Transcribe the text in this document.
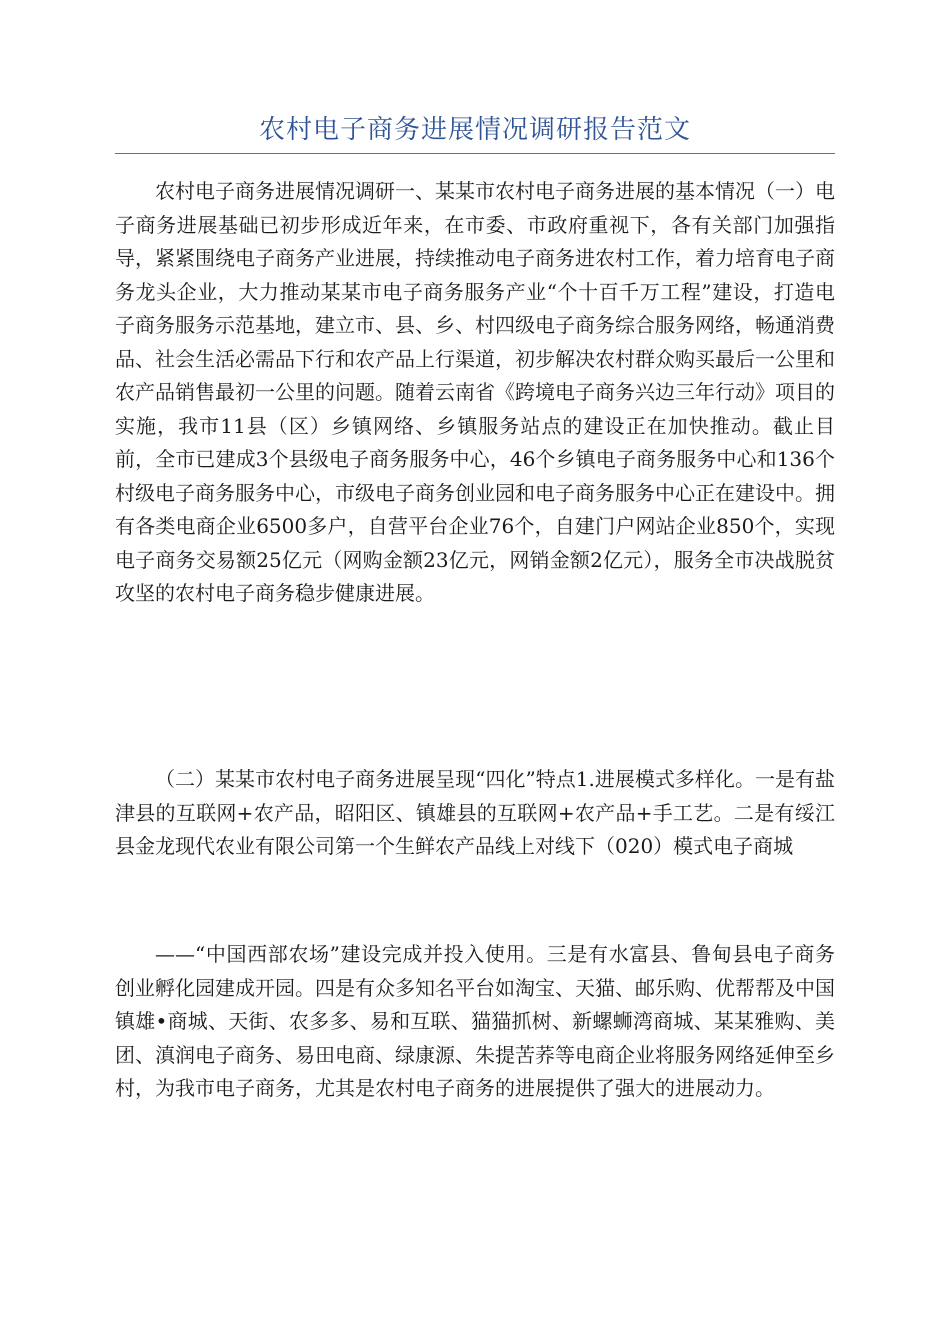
农村电子商务进展情况调研报告范文

农村电子商务进展情况调研一、某某市农村电子商务进展的基本情况（一）电子商务进展基础已初步形成近年来，在市委、市政府重视下，各有关部门加强指导，紧紧围绕电子商务产业进展，持续推动电子商务进农村工作，着力培育电子商务龙头企业，大力推动某某市电子商务服务产业“个十百千万工程”建设，打造电子商务服务示范基地，建立市、县、乡、村四级电子商务综合服务网络，畅通消费品、社会生活必需品下行和农产品上行渠道，初步解决农村群众购买最后一公里和农产品销售最初一公里的问题。随着云南省《跨境电子商务兴边三年行动》项目的实施，我市11县（区）乡镇网络、乡镇服务站点的建设正在加快推动。截止目前，全市已建成3个县级电子商务服务中心，46个乡镇电子商务服务中心和136个村级电子商务服务中心，市级电子商务创业园和电子商务服务中心正在建设中。拥有各类电商企业6500多户，自营平台企业76个，自建门户网站企业850个，实现电子商务交易额25亿元（网购金额23亿元，网销金额2亿元），服务全市决战脱贫攻坚的农村电子商务稳步健康进展。

（二）某某市农村电子商务进展呈现“四化”特点1.进展模式多样化。一是有盐津县的互联网+农产品，昭阳区、镇雄县的互联网+农产品+手工艺。二是有绥江县金龙现代农业有限公司第一个生鲜农产品线上对线下（020）模式电子商城

——“中国西部农场”建设完成并投入使用。三是有水富县、鲁甸县电子商务创业孵化园建成开园。四是有众多知名平台如淘宝、天猫、邮乐购、优帮帮及中国镇雄•商城、天街、农多多、易和互联、猫猫抓树、新螺蛳湾商城、某某雅购、美团、滇润电子商务、易田电商、绿康源、朱提苦荞等电商企业将服务网络延伸至乡村，为我市电子商务，尤其是农村电子商务的进展提供了强大的进展动力。
